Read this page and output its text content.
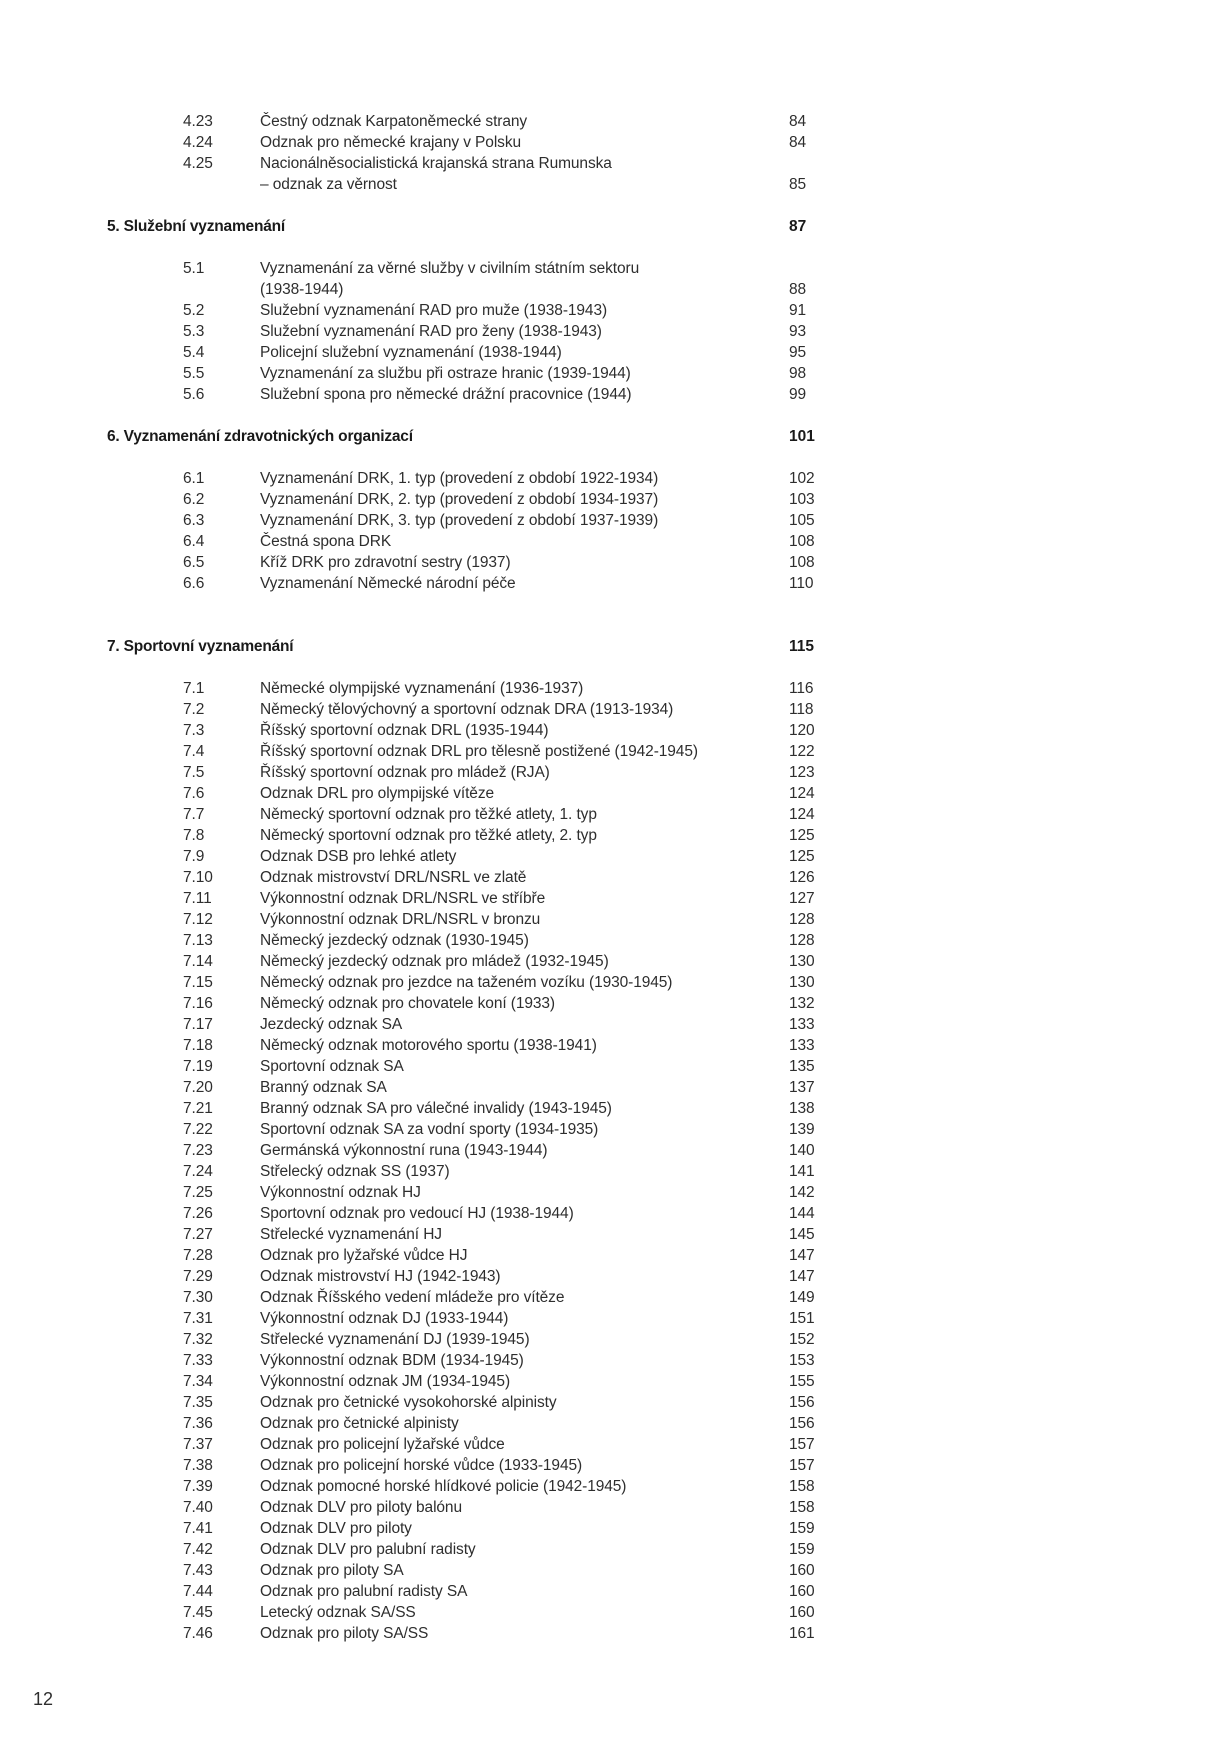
4.23	Čestný odznak Karpatoněmecké strany	84
4.24	Odznak pro německé krajany v Polsku	84
4.25	Nacionálněsocialistická krajanská strana Rumunska
– odznak za věrnost	85
5. Služební vyznamenání	87
5.1	Vyznamenání za věrné služby v civilním státním sektoru
(1938-1944)	88
5.2	Služební vyznamenání RAD pro muže (1938-1943)	91
5.3	Služební vyznamenání RAD pro ženy (1938-1943)	93
5.4	Policejní služební vyznamenání (1938-1944)	95
5.5	Vyznamenání za službu při ostraze hranic (1939-1944)	98
5.6	Služební spona pro německé drážní pracovnice (1944)	99
6. Vyznamenání zdravotnických organizací	101
6.1	Vyznamenání DRK, 1. typ (provedení z období 1922-1934)	102
6.2	Vyznamenání DRK, 2. typ (provedení z období 1934-1937)	103
6.3	Vyznamenání DRK, 3. typ (provedení z období 1937-1939)	105
6.4	Čestná spona DRK	108
6.5	Kříž DRK pro zdravotní sestry (1937)	108
6.6	Vyznamenání Německé národní péče	110
7. Sportovní vyznamenání	115
7.1	Německé olympijské vyznamenání (1936-1937)	116
7.2	Německý tělovýchovný a sportovní odznak DRA (1913-1934)	118
7.3	Říšský sportovní odznak DRL (1935-1944)	120
7.4	Říšský sportovní odznak DRL pro tělesně postižené (1942-1945)	122
7.5	Říšský sportovní odznak pro mládež (RJA)	123
7.6	Odznak DRL pro olympijské vítěze	124
7.7	Německý sportovní odznak pro těžké atlety, 1. typ	124
7.8	Německý sportovní odznak pro těžké atlety, 2. typ	125
7.9	Odznak DSB pro lehké atlety	125
7.10	Odznak mistrovství DRL/NSRL ve zlatě	126
7.11	Výkonnostní odznak DRL/NSRL ve stříbře	127
7.12	Výkonnostní odznak DRL/NSRL v bronzu	128
7.13	Německý jezdecký odznak (1930-1945)	128
7.14	Německý jezdecký odznak pro mládež (1932-1945)	130
7.15	Německý odznak pro jezdce na taženém vozíku (1930-1945)	130
7.16	Německý odznak pro chovatele koní (1933)	132
7.17	Jezdecký odznak SA	133
7.18	Německý odznak motorového sportu (1938-1941)	133
7.19	Sportovní odznak SA	135
7.20	Branný odznak SA	137
7.21	Branný odznak SA pro válečné invalidy (1943-1945)	138
7.22	Sportovní odznak SA za vodní sporty (1934-1935)	139
7.23	Germánská výkonnostní runa (1943-1944)	140
7.24	Střelecký odznak SS (1937)	141
7.25	Výkonnostní odznak HJ	142
7.26	Sportovní odznak pro vedoucí HJ (1938-1944)	144
7.27	Střelecké vyznamenání HJ	145
7.28	Odznak pro lyžařské vůdce HJ	147
7.29	Odznak mistrovství HJ (1942-1943)	147
7.30	Odznak Říšského vedení mládeže pro vítěze	149
7.31	Výkonnostní odznak DJ (1933-1944)	151
7.32	Střelecké vyznamenání DJ (1939-1945)	152
7.33	Výkonnostní odznak BDM (1934-1945)	153
7.34	Výkonnostní odznak JM (1934-1945)	155
7.35	Odznak pro četnické vysokohorské alpinisty	156
7.36	Odznak pro četnické alpinisty	156
7.37	Odznak pro policejní lyžařské vůdce	157
7.38	Odznak pro policejní horské vůdce (1933-1945)	157
7.39	Odznak pomocné horské hlídkové policie (1942-1945)	158
7.40	Odznak DLV pro piloty balónu	158
7.41	Odznak DLV pro piloty	159
7.42	Odznak DLV pro palubní radisty	159
7.43	Odznak pro piloty SA	160
7.44	Odznak pro palubní radisty SA	160
7.45	Letecký odznak SA/SS	160
7.46	Odznak pro piloty SA/SS	161
12
